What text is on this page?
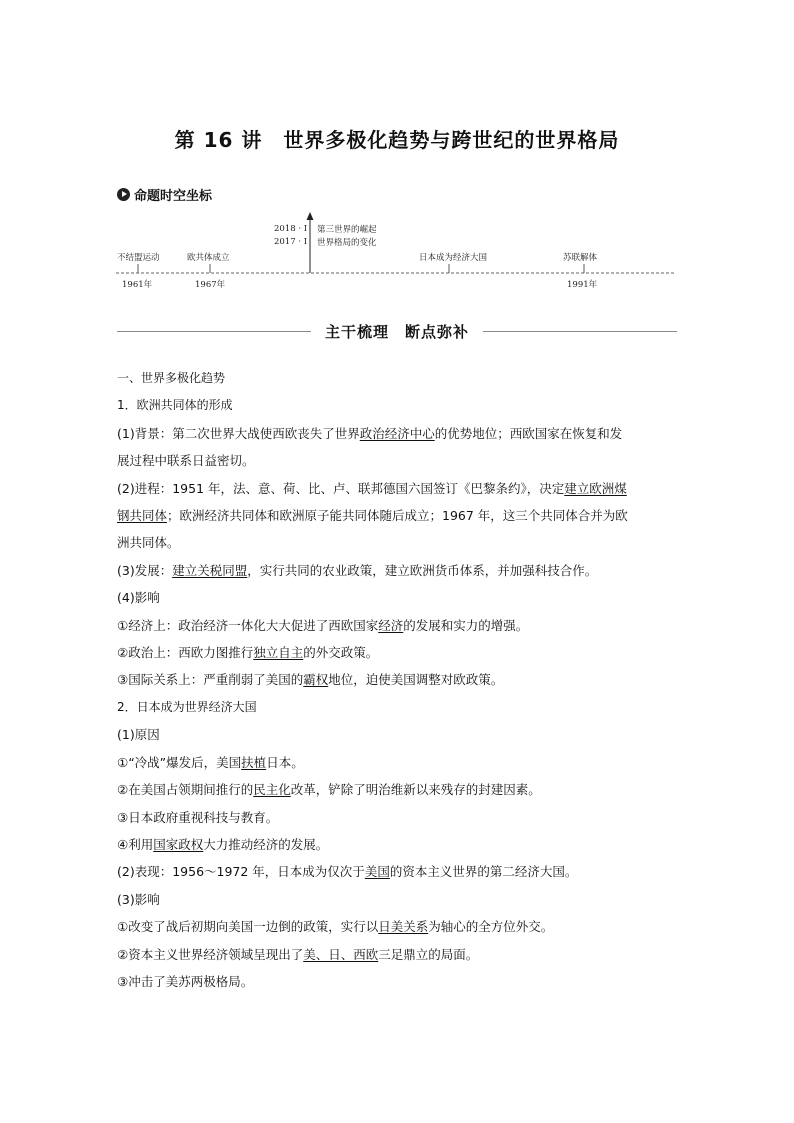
第 16 讲　世界多极化趋势与跨世纪的世界格局
命题时空坐标
2018 · Ⅰ
2017 · Ⅰ
第三世界的崛起
世界格局的变化
不结盟运动	欧共体成立	日本成为经济大国	苏联解体
1961年	1967年	1991年
主干梳理　断点弥补

一、世界多极化趋势

1．欧洲共同体的形成

(1)背景：第二次世界大战使西欧丧失了世界政治经济中心的优势地位；西欧国家在恢复和发

展过程中联系日益密切。

(2)进程：1951 年，法、意、荷、比、卢、联邦德国六国签订《巴黎条约》，决定建立欧洲煤

钢共同体；欧洲经济共同体和欧洲原子能共同体随后成立；1967 年，这三个共同体合并为欧

洲共同体。

(3)发展：建立关税同盟，实行共同的农业政策，建立欧洲货币体系，并加强科技合作。

(4)影响

①经济上：政治经济一体化大大促进了西欧国家经济的发展和实力的增强。

②政治上：西欧力图推行独立自主的外交政策。

③国际关系上：严重削弱了美国的霸权地位，迫使美国调整对欧政策。

2．日本成为世界经济大国

(1)原因

①“冷战”爆发后，美国扶植日本。

②在美国占领期间推行的民主化改革，铲除了明治维新以来残存的封建因素。

③日本政府重视科技与教育。

④利用国家政权大力推动经济的发展。

(2)表现：1956～1972 年，日本成为仅次于美国的资本主义世界的第二经济大国。

(3)影响

①改变了战后初期向美国一边倒的政策，实行以日美关系为轴心的全方位外交。

②资本主义世界经济领域呈现出了美、日、西欧三足鼎立的局面。

③冲击了美苏两极格局。
